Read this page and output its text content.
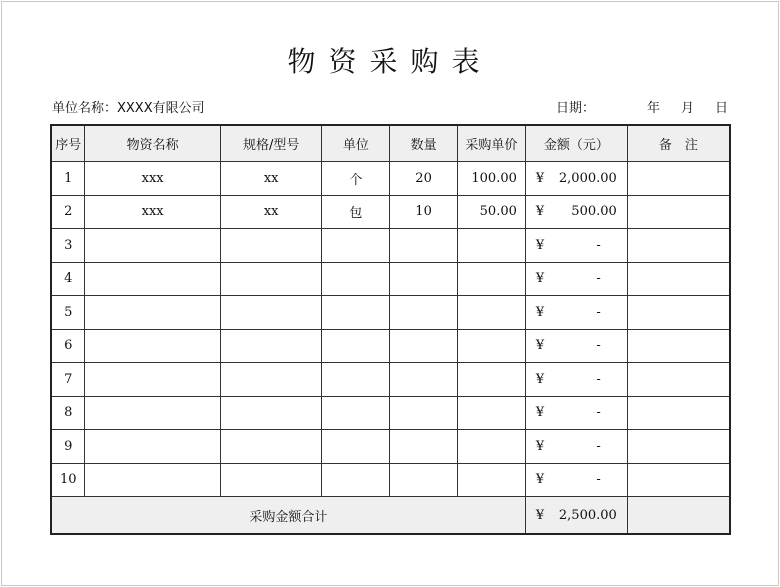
物资采购表
单位名称：XXXX有限公司	日期：	年	月	日
序号	物资名称	规格/型号	单位	数量	采购单价	金额（元）	备　注
1	xxx	xx	个	20	100.00	¥ 2,000.00	

2	xxx	xx	包	10	50.00	¥ 500.00	

3						¥ -	

4						¥ -	

5						¥ -	

6						¥ -	

7						¥ -	

8						¥ -	

9						¥ -	

10						¥ -	

采购金额合计						¥ 2,500.00	
